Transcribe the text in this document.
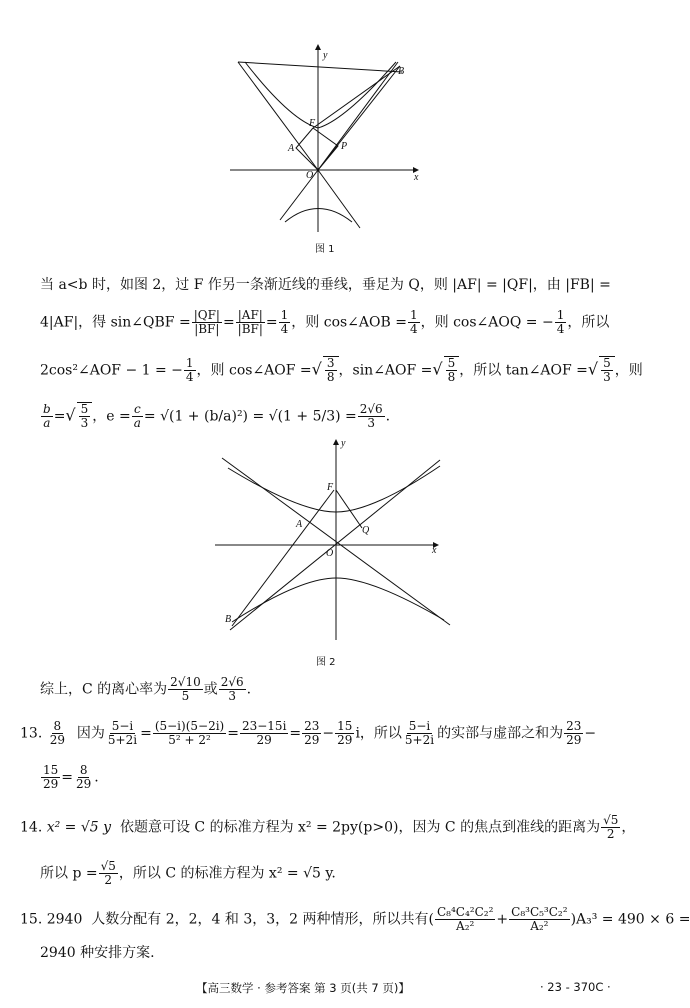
y
x
B
F
A	P
O
图 1
当 a<b 时，如图 2，过 F 作另一条渐近线的垂线，垂足为 Q，则 |AF| = |QF|，由 |FB| =
4|AF|，得 sin∠QBF = $\frac{|QF|}{|BF|} = \frac{|AF|}{|BF|} = \frac{1}{4}$ ，则 cos∠AOB = $\frac{1}{4}$ ，则 cos∠AOQ = − $\frac{1}{4}$ ，所以
2cos²∠AOF − 1 = − $\frac{1}{4}$ ，则 cos∠AOF =√ $\frac{3}{8}$ ，sin∠AOF =√ $\frac{5}{8}$ ，所以 tan∠AOF =√ $\frac{5}{3}$ ，则
$\frac{b}{a}$ =√ $\frac{5}{3}$ ，$e = \frac{c}{a} = √(1 + (b/a)^2) = √(1 + 5/3) = \frac{2√6}{3}$ .
y
x
F
A
Q
O
B
图 2
综上，C 的离心率为 $\frac{2√10}{5}$ 或 $\frac{2√6}{3}$ .
13. $\frac{8}{29}$ 因为 $\frac{5-i}{5+2i} = \frac{(5-i)(5-2i)}{\text{5² + 2²}} = \frac{23-15i}{29} = \frac{23}{29} - \frac{15}{29}$ i，所以 $\frac{5-i}{5+2i}$ 的实部与虚部之和为 $\frac{23}{29}$ −
$\frac{15}{29} = \frac{8}{29}$ .
14. x² = √5 y 依题意可设 C 的标准方程为 x² = 2py(p>0)，因为 C 的焦点到准线的距离为 $\frac{√5}{2}$ ，
所以 $p = \frac{√5}{2}$ ，所以 C 的标准方程为 x² = √5 y.
15. 2940 人数分配有 2，2，4 和 3，3，2 两种情形，所以共有( $\frac{\text{C₈⁴C₄²C₂²}}{\text{A₂²}} + \frac{\text{C₈³C₅³C₂²}}{\text{A₂²}} )A_3^3 = 490 \times 6$ =
2940 种安排方案.
【高三数学 · 参考答案 第 3 页(共 7 页)】	· 23 - 370C ·
